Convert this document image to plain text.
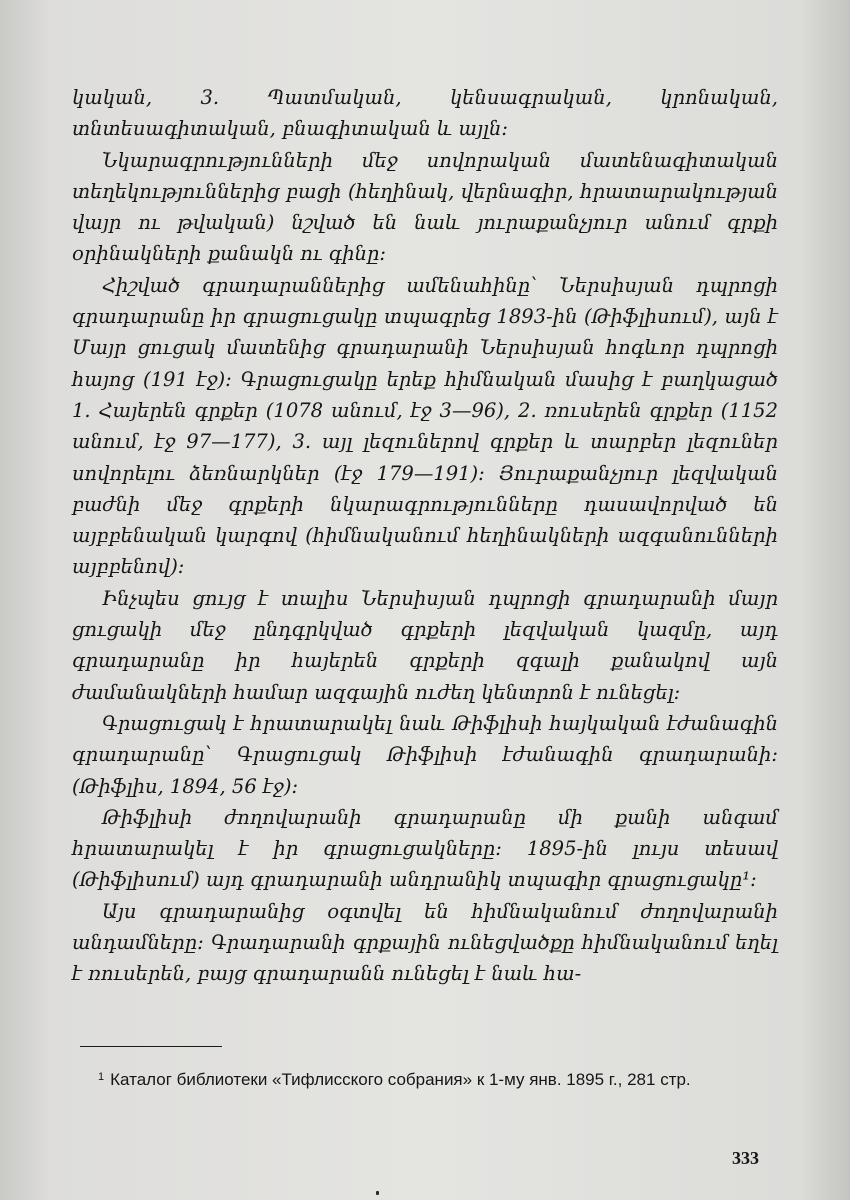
կական, 3. Պատմական, կենսագրական, կրոնական, տնտեսագիտական, բնագիտական և այլն։

Նկարագրությունների մեջ սովորական մատենագիտական տեղեկություններից բացի (հեղինակ, վերնագիր, հրատարակության վայր ու թվական) նշված են նաև յուրաքանչյուր անում գրքի օրինակների քանակն ու գինը։

Հիշված գրադարաններից ամենահինը՝ Ներսիսյան դպրոցի գրադարանը իր գրացուցակը տպագրեց 1893-ին (Թիֆլիսում), այն է Մայր ցուցակ մատենից գրադարանի Ներսիսյան հոգևոր դպրոցի հայոց (191 էջ)։ Գրացուցակը երեք հիմնական մասից է բաղկացած 1. Հայերեն գրքեր (1078 անում, էջ 3—96), 2. ռուսերեն գրքեր (1152 անում, էջ 97—177), 3. այլ լեզուներով գրքեր և տարբեր լեզուներ սովորելու ձեռնարկներ (էջ 179—191)։ Յուրաքանչյուր լեզվական բաժնի մեջ գրքերի նկարագրությունները դասավորված են այբբենական կարգով (հիմնականում հեղինակների ազգանունների այբբենով)։

Ինչպես ցույց է տալիս Ներսիսյան դպրոցի գրադարանի մայր ցուցակի մեջ ընդգրկված գրքերի լեզվական կազմը, այդ գրադարանը իր հայերեն գրքերի զգալի քանակով այն ժամանակների համար ազգային ուժեղ կենտրոն է ունեցել։

Գրացուցակ է հրատարակել նաև Թիֆլիսի հայկական էժանագին գրադարանը՝ Գրացուցակ Թիֆլիսի էժանագին գրադարանի։ (Թիֆլիս, 1894, 56 էջ)։

Թիֆլիսի ժողովարանի գրադարանը մի քանի անգամ հրատարակել է իր գրացուցակները։ 1895-ին լույս տեսավ (Թիֆլիսում) այդ գրադարանի անդրանիկ տպագիր գրացուցակը¹։

Այս գրադարանից օգտվել են հիմնականում ժողովարանի անդամները։ Գրադարանի գրքային ունեցվածքը հիմնականում եղել է ռուսերեն, բայց գրադարանն ունեցել է նաև հա-

$^1$ Каталог библиотеки «Тифлисского собрания» к 1-му янв. 1895 г., 281 стр.
333
